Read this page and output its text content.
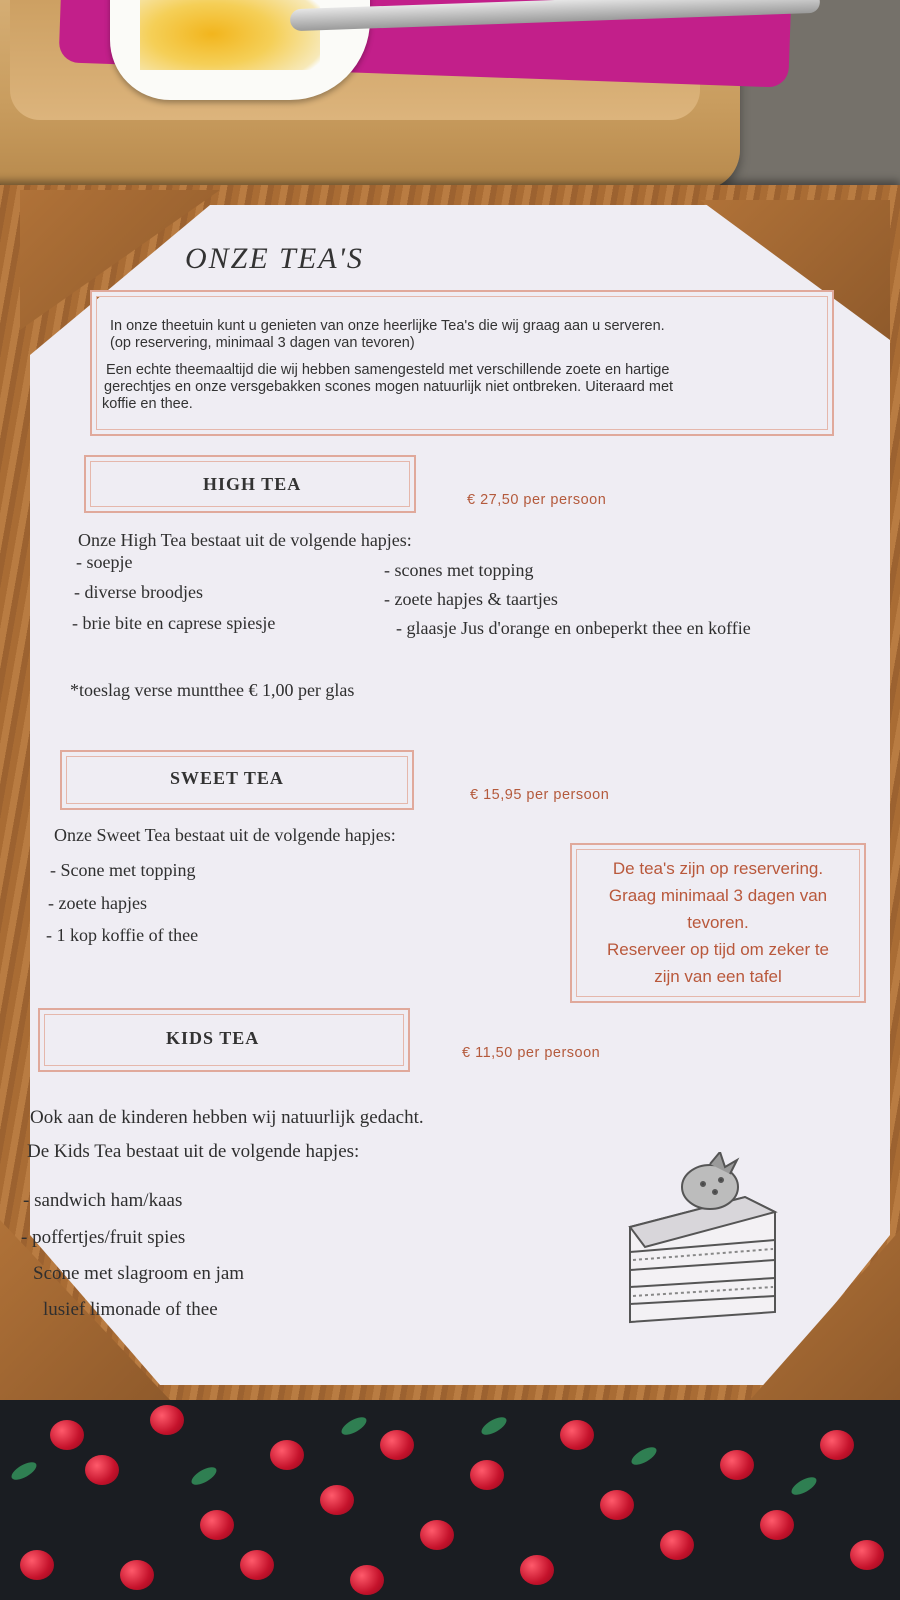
ONZE TEA'S
In onze theetuin kunt u genieten van onze heerlijke Tea's die wij graag aan u serveren.
(op reservering, minimaal 3 dagen van tevoren)
Een echte theemaaltijd die wij hebben samengesteld met verschillende zoete en hartige
gerechtjes en onze versgebakken scones mogen natuurlijk niet ontbreken. Uiteraard met
koffie en thee.
HIGH TEA
€ 27,50 per persoon
Onze High Tea bestaat uit de volgende hapjes:
- soepje
- diverse broodjes
- brie bite en caprese spiesje
- scones met topping
- zoete hapjes & taartjes
- glaasje Jus d'orange en onbeperkt thee en koffie
*toeslag verse muntthee € 1,00 per glas
SWEET TEA
€ 15,95 per persoon
Onze Sweet Tea bestaat uit de volgende hapjes:
- Scone met topping
- zoete hapjes
- 1 kop koffie of thee
De tea's zijn op reservering.
Graag minimaal 3 dagen van
tevoren.
Reserveer op tijd om zeker te
zijn van een tafel
KIDS TEA
€ 11,50 per persoon
Ook aan de kinderen hebben wij natuurlijk gedacht.
De Kids Tea bestaat uit de volgende hapjes:
- sandwich ham/kaas
- poffertjes/fruit spies
Scone met slagroom en jam
lusief limonade of thee
